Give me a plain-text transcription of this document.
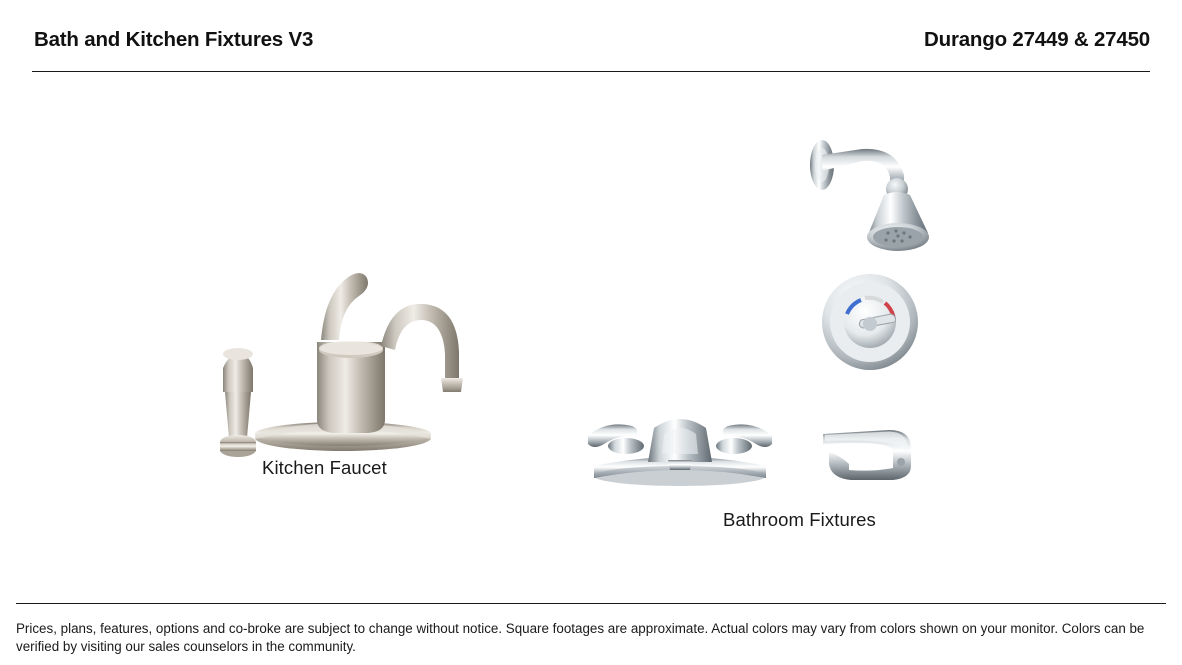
Bath and Kitchen Fixtures V3	Durango 27449 & 27450
Kitchen Faucet
◦
Bathroom Fixtures
Prices, plans, features, options and co-broke are subject to change without notice. Square footages are approximate. Actual colors may vary from colors shown on your monitor. Colors can be verified by visiting our sales counselors in the community.
